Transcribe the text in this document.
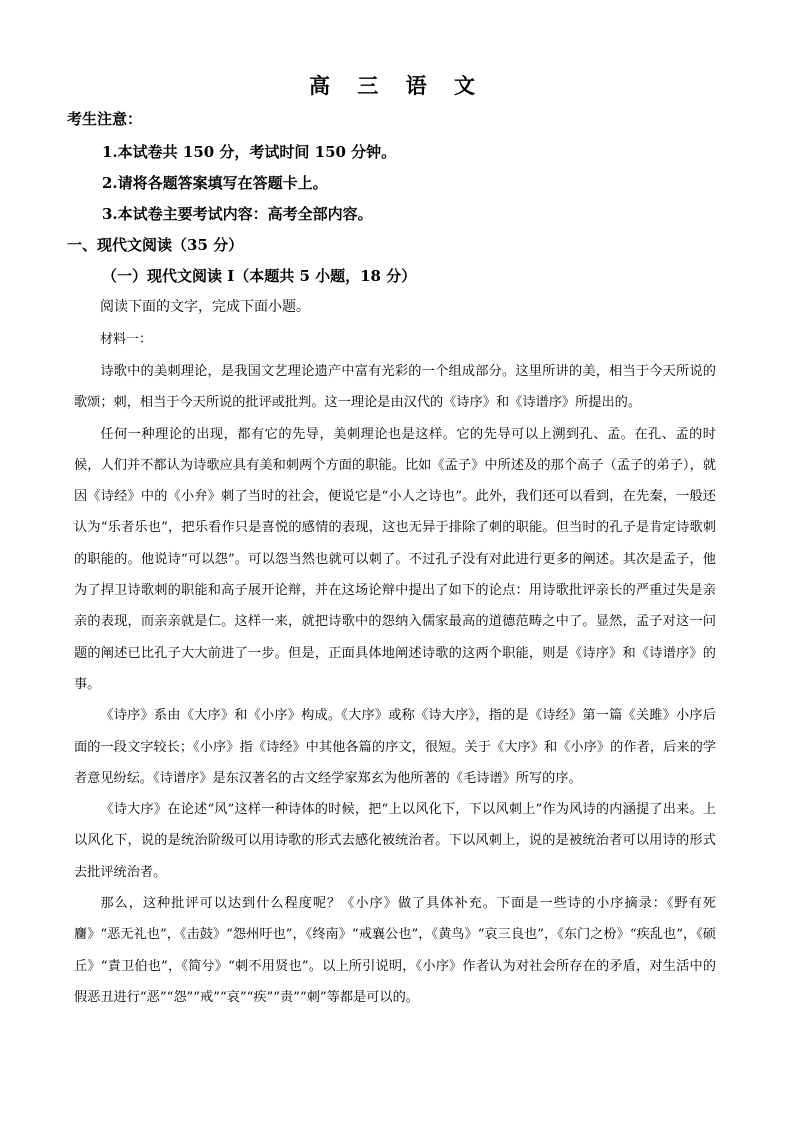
高 三 语 文
考生注意：
1.本试卷共 150 分，考试时间 150 分钟。
2.请将各题答案填写在答题卡上。
3.本试卷主要考试内容：高考全部内容。
一、现代文阅读（35 分）
（一）现代文阅读 I（本题共 5 小题，18 分）
阅读下面的文字，完成下面小题。
材料一：

诗歌中的美刺理论，是我国文艺理论遗产中富有光彩的一个组成部分。这里所讲的美，相当于今天所说的歌颂；刺，相当于今天所说的批评或批判。这一理论是由汉代的《诗序》和《诗谱序》所提出的。

任何一种理论的出现，都有它的先导，美刺理论也是这样。它的先导可以上溯到孔、孟。在孔、孟的时候，人们并不都认为诗歌应具有美和刺两个方面的职能。比如《孟子》中所述及的那个高子（孟子的弟子），就因《诗经》中的《小弁》刺了当时的社会，便说它是“小人之诗也”。此外，我们还可以看到，在先秦，一般还认为“乐者乐也”，把乐看作只是喜悦的感情的表现，这也无异于排除了刺的职能。但当时的孔子是肯定诗歌刺的职能的。他说诗“可以怨”。可以怨当然也就可以刺了。不过孔子没有对此进行更多的阐述。其次是孟子，他为了捍卫诗歌刺的职能和高子展开论辩，并在这场论辩中提出了如下的论点：用诗歌批评亲长的严重过失是亲亲的表现，而亲亲就是仁。这样一来，就把诗歌中的怨纳入儒家最高的道德范畴之中了。显然，孟子对这一问题的阐述已比孔子大大前进了一步。但是，正面具体地阐述诗歌的这两个职能，则是《诗序》和《诗谱序》的事。

《诗序》系由《大序》和《小序》构成。《大序》或称《诗大序》，指的是《诗经》第一篇《关雎》小序后面的一段文字较长；《小序》指《诗经》中其他各篇的序文，很短。关于《大序》和《小序》的作者，后来的学者意见纷纭。《诗谱序》是东汉著名的古文经学家郑玄为他所著的《毛诗谱》所写的序。

《诗大序》在论述“风”这样一种诗体的时候，把“上以风化下，下以风刺上”作为风诗的内涵提了出来。上以风化下，说的是统治阶级可以用诗歌的形式去感化被统治者。下以风刺上，说的是被统治者可以用诗的形式去批评统治者。

那么，这种批评可以达到什么程度呢？《小序》做了具体补充。下面是一些诗的小序摘录：《野有死麕》“恶无礼也”，《击鼓》“怨州吁也”，《终南》“戒襄公也”，《黄鸟》“哀三良也”，《东门之枌》“疾乱也”，《硕丘》“責卫伯也”，《简兮》“刺不用贤也”。以上所引说明，《小序》作者认为对社会所存在的矛盾，对生活中的假恶丑进行“恶”“怨”“戒”“哀”“疾”“责”“刺”等都是可以的。
